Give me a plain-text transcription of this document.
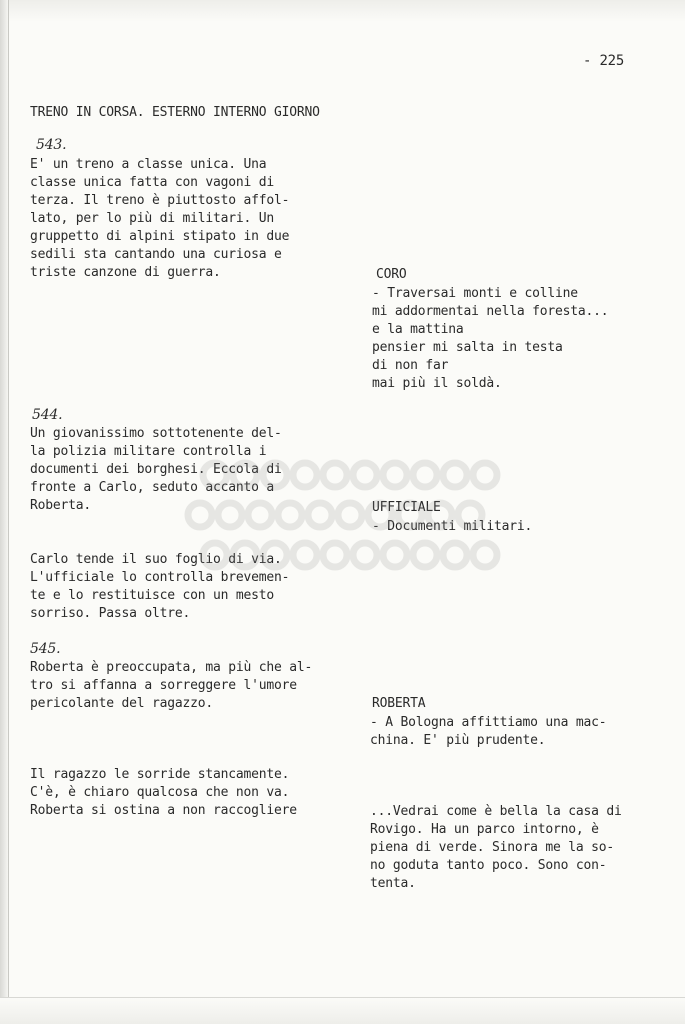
- 225
TRENO IN CORSA. ESTERNO INTERNO GIORNO
543.
E' un treno a classe unica. Una
classe unica fatta con vagoni di
terza. Il treno è piuttosto affol-
lato, per lo più di militari. Un
gruppetto di alpini stipato in due
sedili sta cantando una curiosa e
triste canzone di guerra.	CORO
- Traversai monti e colline
mi addormentai nella foresta...
e la mattina
pensier mi salta in testa
di non far
mai più il soldà.
544.
Un giovanissimo sottotenente del-
la polizia militare controlla i
documenti dei borghesi. Eccola di
fronte a Carlo, seduto accanto a
Roberta.	UFFICIALE
- Documenti militari.
Carlo tende il suo foglio di via.
L'ufficiale lo controlla brevemen-
te e lo restituisce con un mesto
sorriso. Passa oltre.
545.
Roberta è preoccupata, ma più che al-
tro si affanna a sorreggere l'umore
pericolante del ragazzo.	ROBERTA
- A Bologna affittiamo una mac-
china. E' più prudente.
Il ragazzo le sorride stancamente.
C'è, è chiaro qualcosa che non va.
Roberta si ostina a non raccogliere	...Vedrai come è bella la casa di
Rovigo. Ha un parco intorno, è
piena di verde. Sinora me la so-
no goduta tanto poco. Sono con-
tenta.
